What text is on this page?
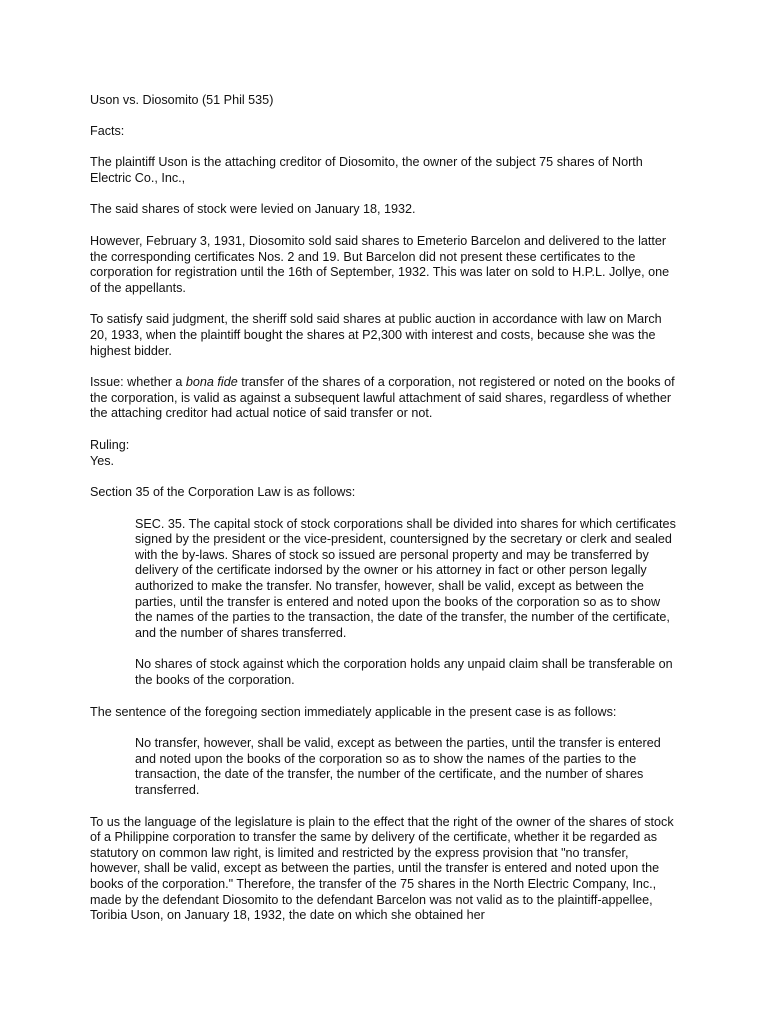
Uson vs. Diosomito (51 Phil 535)

Facts:

The plaintiff Uson is the attaching creditor of Diosomito, the owner of the subject 75 shares of North Electric Co., Inc.,

The said shares of stock were levied on January 18, 1932.

However, February 3, 1931, Diosomito sold said shares to Emeterio Barcelon and delivered to the latter the corresponding certificates Nos. 2 and 19. But Barcelon did not present these certificates to the corporation for registration until the 16th of September, 1932. This was later on sold to H.P.L. Jollye, one of the appellants.

To satisfy said judgment, the sheriff sold said shares at public auction in accordance with law on March 20, 1933, when the plaintiff bought the shares at P2,300 with interest and costs, because she was the highest bidder.

Issue: whether a bona fide transfer of the shares of a corporation, not registered or noted on the books of the corporation, is valid as against a subsequent lawful attachment of said shares, regardless of whether the attaching creditor had actual notice of said transfer or not.

Ruling:
Yes.

Section 35 of the Corporation Law is as follows:

SEC. 35. The capital stock of stock corporations shall be divided into shares for which certificates signed by the president or the vice-president, countersigned by the secretary or clerk and sealed with the by-laws. Shares of stock so issued are personal property and may be transferred by delivery of the certificate indorsed by the owner or his attorney in fact or other person legally authorized to make the transfer. No transfer, however, shall be valid, except as between the parties, until the transfer is entered and noted upon the books of the corporation so as to show the names of the parties to the transaction, the date of the transfer, the number of the certificate, and the number of shares transferred.

No shares of stock against which the corporation holds any unpaid claim shall be transferable on the books of the corporation.

The sentence of the foregoing section immediately applicable in the present case is as follows:

No transfer, however, shall be valid, except as between the parties, until the transfer is entered and noted upon the books of the corporation so as to show the names of the parties to the transaction, the date of the transfer, the number of the certificate, and the number of shares transferred.

To us the language of the legislature is plain to the effect that the right of the owner of the shares of stock of a Philippine corporation to transfer the same by delivery of the certificate, whether it be regarded as statutory on common law right, is limited and restricted by the express provision that "no transfer, however, shall be valid, except as between the parties, until the transfer is entered and noted upon the books of the corporation." Therefore, the transfer of the 75 shares in the North Electric Company, Inc., made by the defendant Diosomito to the defendant Barcelon was not valid as to the plaintiff-appellee, Toribia Uson, on January 18, 1932, the date on which she obtained her
